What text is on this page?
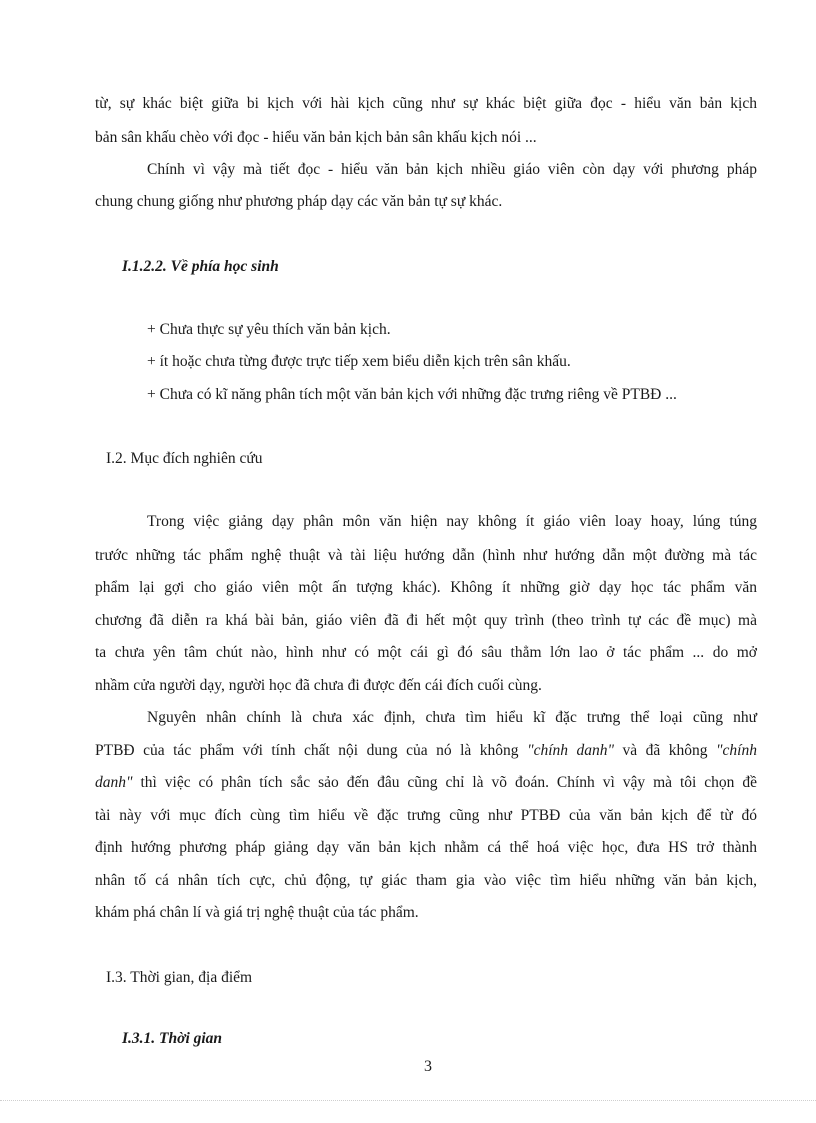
từ, sự khác biệt giữa bi kịch với hài kịch cũng như sự khác biệt giữa đọc - hiểu văn bản kịch
bản sân khấu chèo với đọc - hiểu văn bản kịch bản sân khấu kịch nói ...
Chính vì vậy mà tiết đọc - hiểu văn bản kịch nhiều giáo viên còn dạy với phương pháp
chung chung giống như phương pháp dạy các văn bản tự sự khác.
I.1.2.2. Về phía học sinh
+ Chưa thực sự yêu thích văn bản kịch.
+ ít hoặc chưa từng được trực tiếp xem biểu diễn kịch trên sân khấu.
+ Chưa có kĩ năng phân tích một văn bản kịch với những đặc trưng riêng về PTBĐ ...
I.2. Mục đích nghiên cứu
Trong việc giảng dạy phân môn văn hiện nay không ít giáo viên loay hoay, lúng túng
trước những tác phẩm nghệ thuật và tài liệu hướng dẫn (hình như hướng dẫn một đường mà tác
phẩm lại gợi cho giáo viên một ấn tượng khác). Không ít những giờ dạy học tác phẩm văn
chương đã diễn ra khá bài bản, giáo viên đã đi hết một quy trình (theo trình tự các đề mục) mà
ta chưa yên tâm chút nào, hình như có một cái gì đó sâu thẳm lớn lao ở tác phẩm ... do mở
nhầm cửa người dạy, người học đã chưa đi được đến cái đích cuối cùng.
Nguyên nhân chính là chưa xác định, chưa tìm hiểu kĩ đặc trưng thể loại cũng như
PTBĐ của tác phẩm với tính chất nội dung của nó là không "chính danh" và đã không "chính
danh" thì việc có phân tích sắc sảo đến đâu cũng chỉ là võ đoán. Chính vì vậy mà tôi chọn đề
tài này với mục đích cùng tìm hiểu về đặc trưng cũng như PTBĐ của văn bản kịch để từ đó
định hướng phương pháp giảng dạy văn bản kịch nhằm cá thể hoá việc học, đưa HS trở thành
nhân tố cá nhân tích cực, chủ động, tự giác tham gia vào việc tìm hiểu những văn bản kịch,
khám phá chân lí và giá trị nghệ thuật của tác phẩm.
I.3. Thời gian, địa điểm
I.3.1. Thời gian
3
